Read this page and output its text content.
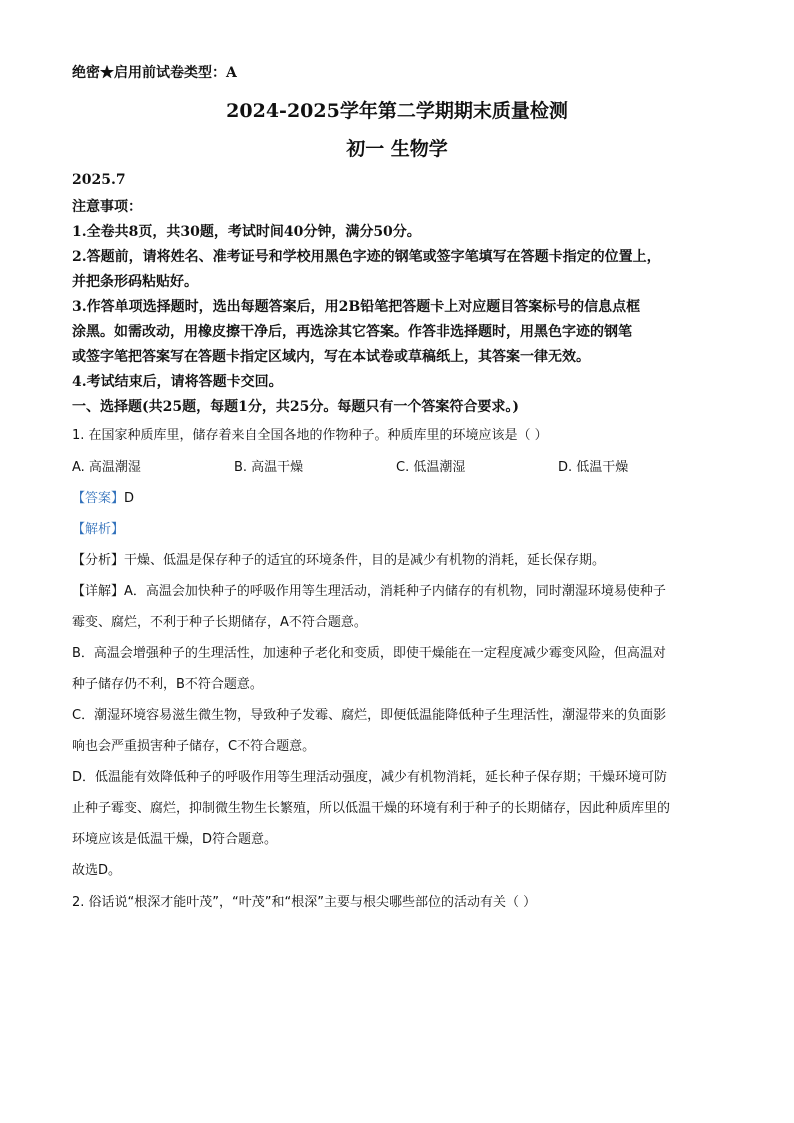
绝密★启用前试卷类型：A
2024-2025学年第二学期期末质量检测
初一 生物学
2025.7
注意事项：
1.全卷共8页，共30题，考试时间40分钟，满分50分。
2.答题前，请将姓名、准考证号和学校用黑色字迹的钢笔或签字笔填写在答题卡指定的位置上，
并把条形码粘贴好。
3.作答单项选择题时，选出每题答案后，用2B铅笔把答题卡上对应题目答案标号的信息点框
涂黑。如需改动，用橡皮擦干净后，再选涂其它答案。作答非选择题时，用黑色字迹的钢笔
或签字笔把答案写在答题卡指定区域内，写在本试卷或草稿纸上，其答案一律无效。
4.考试结束后，请将答题卡交回。
一、选择题(共25题，每题1分，共25分。每题只有一个答案符合要求。)
1. 在国家种质库里，储存着来自全国各地的作物种子。种质库里的环境应该是（ ）
A. 高温潮湿	B. 高温干燥	C. 低温潮湿	D. 低温干燥
【答案】D
【解析】
【分析】干燥、低温是保存种子的适宜的环境条件，目的是减少有机物的消耗，延长保存期。
【详解】A．高温会加快种子的呼吸作用等生理活动，消耗种子内储存的有机物，同时潮湿环境易使种子
霉变、腐烂，不利于种子长期储存，A不符合题意。
B．高温会增强种子的生理活性，加速种子老化和变质，即使干燥能在一定程度减少霉变风险，但高温对
种子储存仍不利，B不符合题意。
C．潮湿环境容易滋生微生物，导致种子发霉、腐烂，即便低温能降低种子生理活性，潮湿带来的负面影
响也会严重损害种子储存，C不符合题意。
D．低温能有效降低种子的呼吸作用等生理活动强度，减少有机物消耗，延长种子保存期；干燥环境可防
止种子霉变、腐烂，抑制微生物生长繁殖，所以低温干燥的环境有利于种子的长期储存，因此种质库里的
环境应该是低温干燥，D符合题意。
故选D。
2. 俗话说“根深才能叶茂”，“叶茂”和“根深”主要与根尖哪些部位的活动有关（ ）
